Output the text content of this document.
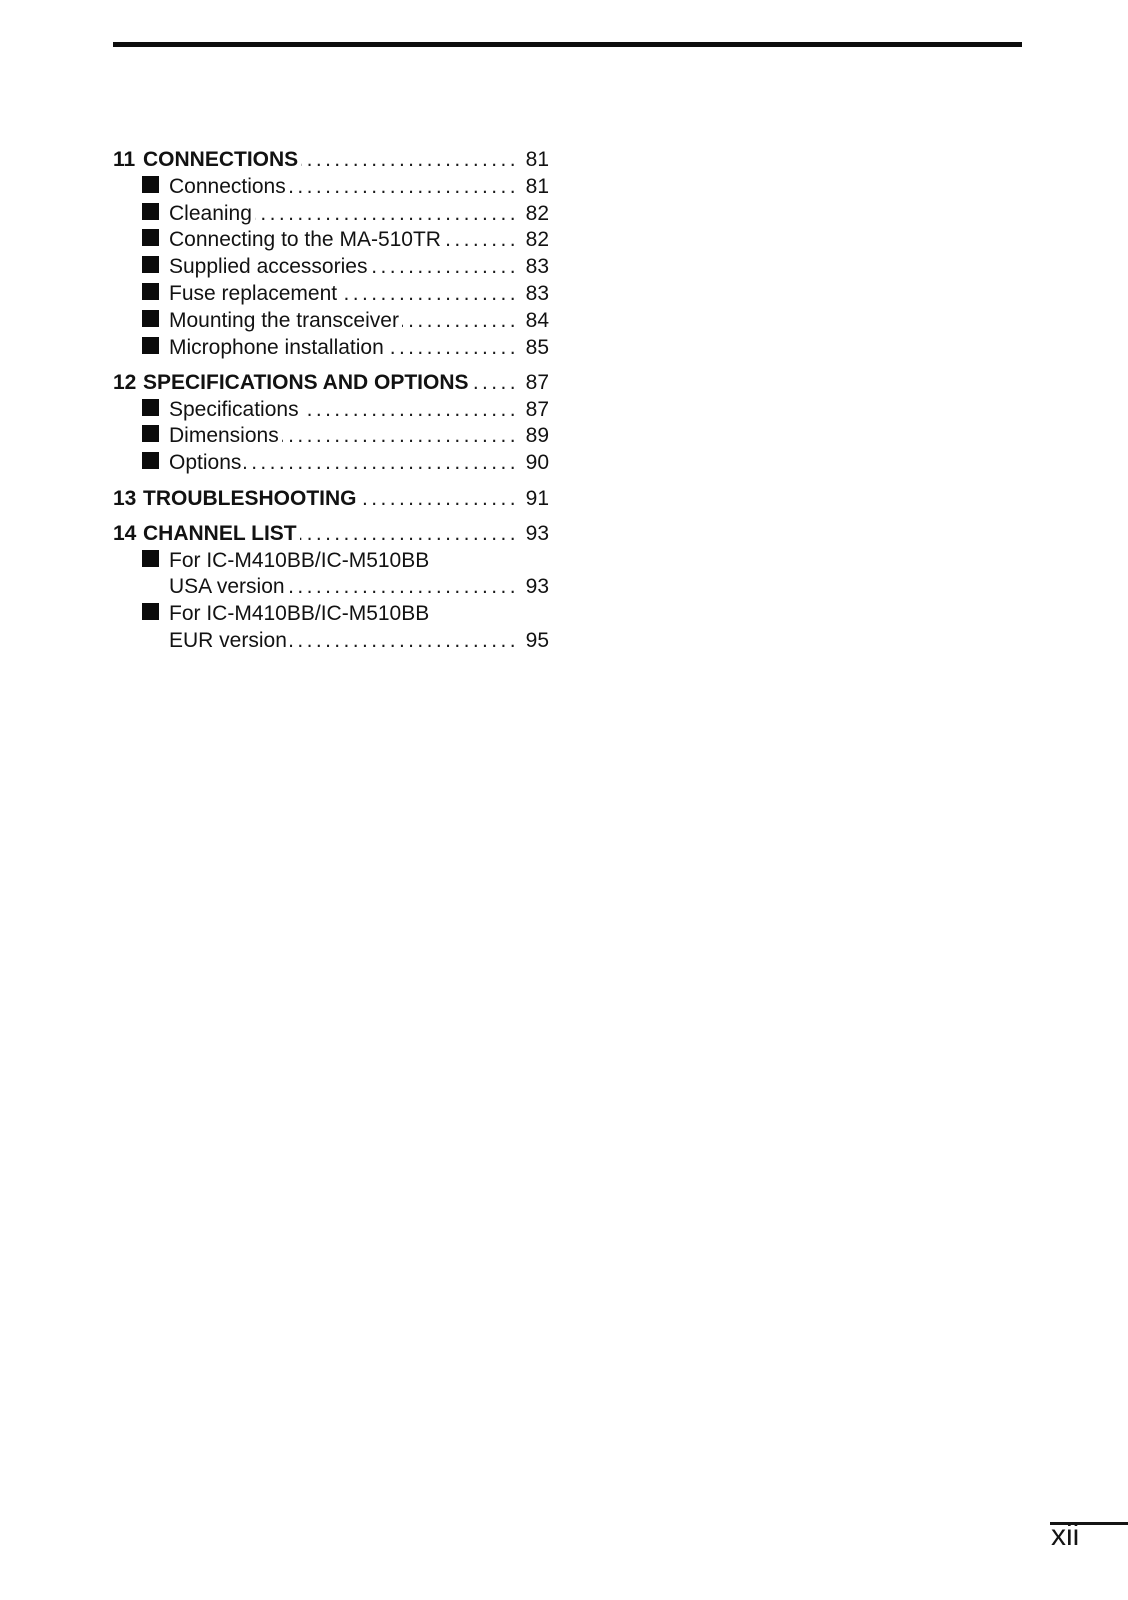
11 CONNECTIONS .....	81
Connections .....	81
Cleaning .....	82
Connecting to the MA-510TR .....	82
Supplied accessories .....	83
Fuse replacement .....	83
Mounting the transceiver .....	84
Microphone installation .....	85
12 SPECIFICATIONS AND OPTIONS .....	87
Specifications .....	87
Dimensions .....	89
Options .....	90
13 TROUBLESHOOTING .....	91
14 CHANNEL LIST .....	93
For IC-M410BB/IC-M510BB
USA version .....	93
For IC-M410BB/IC-M510BB
EUR version .....	95
xii
